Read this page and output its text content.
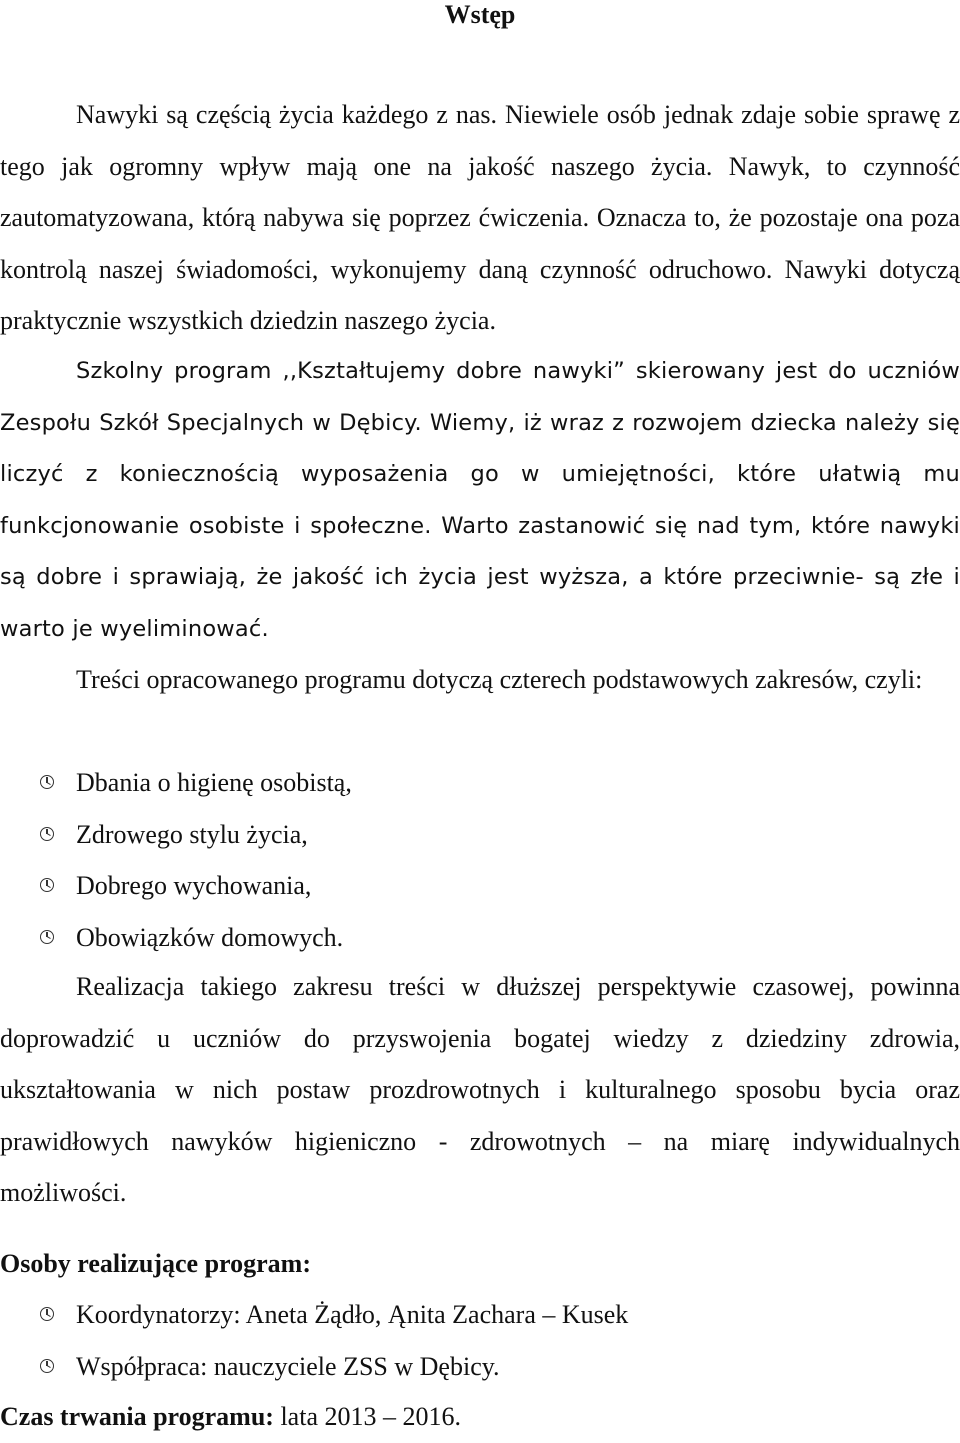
Wstęp

Nawyki są częścią życia każdego z nas. Niewiele osób jednak zdaje sobie sprawę z tego jak ogromny wpływ mają one na jakość naszego życia. Nawyk, to czynność zautomatyzowana, którą nabywa się poprzez ćwiczenia. Oznacza to, że pozostaje ona poza kontrolą naszej świadomości, wykonujemy daną czynność odruchowo. Nawyki dotyczą praktycznie wszystkich dziedzin naszego życia.

Szkolny program ,,Kształtujemy dobre nawyki” skierowany jest do uczniów Zespołu Szkół Specjalnych w Dębicy. Wiemy, iż wraz z rozwojem dziecka należy się liczyć z koniecznością wyposażenia go w umiejętności, które ułatwią mu funkcjonowanie osobiste i społeczne. Warto zastanowić się nad tym, które nawyki są dobre i sprawiają, że jakość ich życia jest wyższa, a które przeciwnie- są złe i warto je wyeliminować.

Treści opracowanego programu dotyczą czterech podstawowych zakresów, czyli:

Dbania o higienę osobistą,
Zdrowego stylu życia,
Dobrego wychowania,
Obowiązków domowych.

Realizacja takiego zakresu treści w dłuższej perspektywie czasowej, powinna doprowadzić u uczniów do przyswojenia bogatej wiedzy z dziedziny zdrowia, ukształtowania w nich postaw prozdrowotnych i kulturalnego sposobu bycia oraz prawidłowych nawyków higieniczno - zdrowotnych – na miarę indywidualnych możliwości.

Osoby realizujące program:
Koordynatorzy: Aneta Żądło, Ąnita Zachara – Kusek
Współpraca: nauczyciele ZSS w Dębicy.
Czas trwania programu: lata 2013 – 2016.
